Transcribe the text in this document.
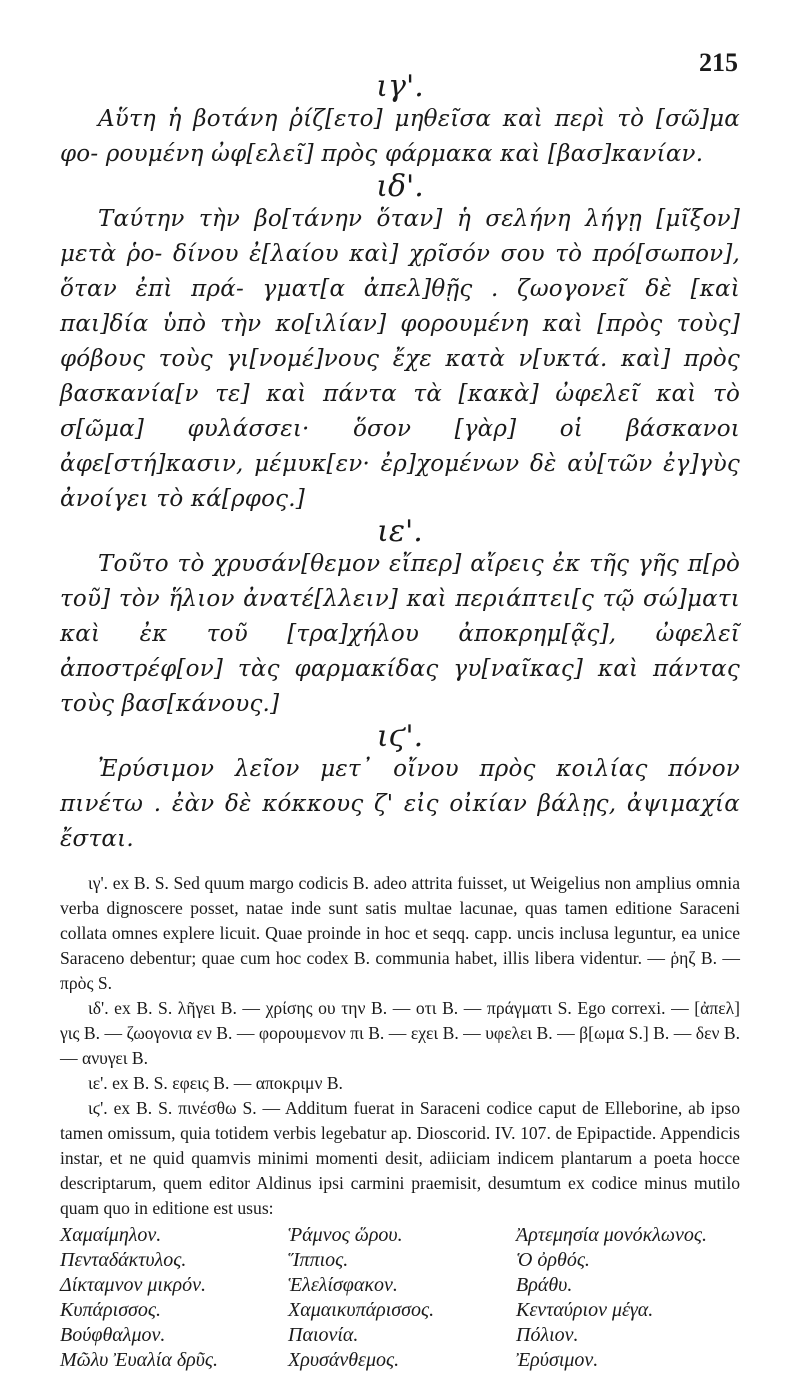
215
ιγ'.

Αὕτη ἡ βοτάνη ῥίζ[ετο] μηθεῖσα καὶ περὶ τὸ [σῶ]μα φο- ρουμένη ὠφ[ελεῖ] πρὸς φάρμακα καὶ [βασ]κανίαν.

ιδ'.

Ταύτην τὴν βο[τάνην ὅταν] ἡ σελήνη λήγῃ [μῖξον] μετὰ ῥο- δίνου ἐ[λαίου καὶ] χρῖσόν σου τὸ πρό[σωπον], ὅταν ἐπὶ πρά- γματ[α ἀπελ]θῇς . ζωογονεῖ δὲ [καὶ παι]δία ὑπὸ τὴν κο[ιλίαν] φορουμένη καὶ [πρὸς τοὺς] φόβους τοὺς γι[νομέ]νους ἔχε κατὰ ν[υκτά. καὶ] πρὸς βασκανία[ν τε] καὶ πάντα τὰ [κακὰ] ὠφελεῖ καὶ τὸ σ[ῶμα] φυλάσσει· ὅσον [γὰρ] οἱ βάσκανοι ἀφε[στή]κασιν, μέμυκ[εν· ἐρ]χομένων δὲ αὐ[τῶν ἐγ]γὺς ἀνοίγει τὸ κά[ρφος.]

ιε'.

Τοῦτο τὸ χρυσάν[θεμον εἴπερ] αἴρεις ἐκ τῆς γῆς π[ρὸ τοῦ] τὸν ἥλιον ἀνατέ[λλειν] καὶ περιάπτει[ς τῷ σώ]ματι καὶ ἐκ τοῦ [τρα]χήλου ἀποκρημ[ᾷς], ὠφελεῖ ἀποστρέφ[ον] τὰς φαρμακίδας γυ[ναῖκας] καὶ πάντας τοὺς βασ[κάνους.]

ιϛ'.

Ἐρύσιμον λεῖον μετ᾽ οἴνου πρὸς κοιλίας πόνον πινέτω . ἐὰν δὲ κόκκους ζ' εἰς οἰκίαν βάλῃς, ἀψιμαχία ἔσται.

ιγ'. ex B. S. Sed quum margo codicis B. adeo attrita fuisset, ut Weigelius non amplius omnia verba dignoscere posset, natae inde sunt satis multae lacunae, quas tamen editione Saraceni collata omnes explere licuit. Quae proinde in hoc et seqq. capp. uncis inclusa leguntur, ea unice Saraceno debentur; quae cum hoc codex B. communia habet, illis libera videntur. — ῥηζ B. — πρὸς S.

ιδ'. ex B. S. λῆγει B. — χρίσης ου την B. — οτι B. — πράγματι S. Ego correxi. — [ἀπελ] γις B. — ζωογονια εν B. — φορουμενον πι B. — εχει B. — υφελει B. — β[ωμα S.] B. — δεν B. — ανυγει B.

ιε'. ex B. S. εφεις B. — αποκριμν B.

ιϛ'. ex B. S. πινέσθω S. — Additum fuerat in Saraceni codice caput de Elleborine, ab ipso tamen omissum, quia totidem verbis legebatur ap. Dioscorid. IV. 107. de Epipactide. Appendicis instar, et ne quid quamvis minimi momenti desit, adiiciam indicem plantarum a poeta hocce descriptarum, quem editor Aldinus ipsi carmini praemisit, desumtum ex codice minus mutilo quam quo in editione est usus:

Χαμαίμηλον.	Ῥάμνος ὥρου.	Ἀρτεμησία μονόκλωνος.
Πενταδάκτυλος.	Ἵππιος.	Ὁ ὀρθός.
Δίκταμνον μικρόν.	Ἑλελίσφακον.	Βράθυ.
Κυπάρισσος.	Χαμαικυπάρισσος.	Κενταύριον μέγα.
Βούφθαλμον.	Παιονία.	Πόλιον.
Μῶλυ Ἐυαλία δρῦς.	Χρυσάνθεμος.	Ἐρύσιμον.
